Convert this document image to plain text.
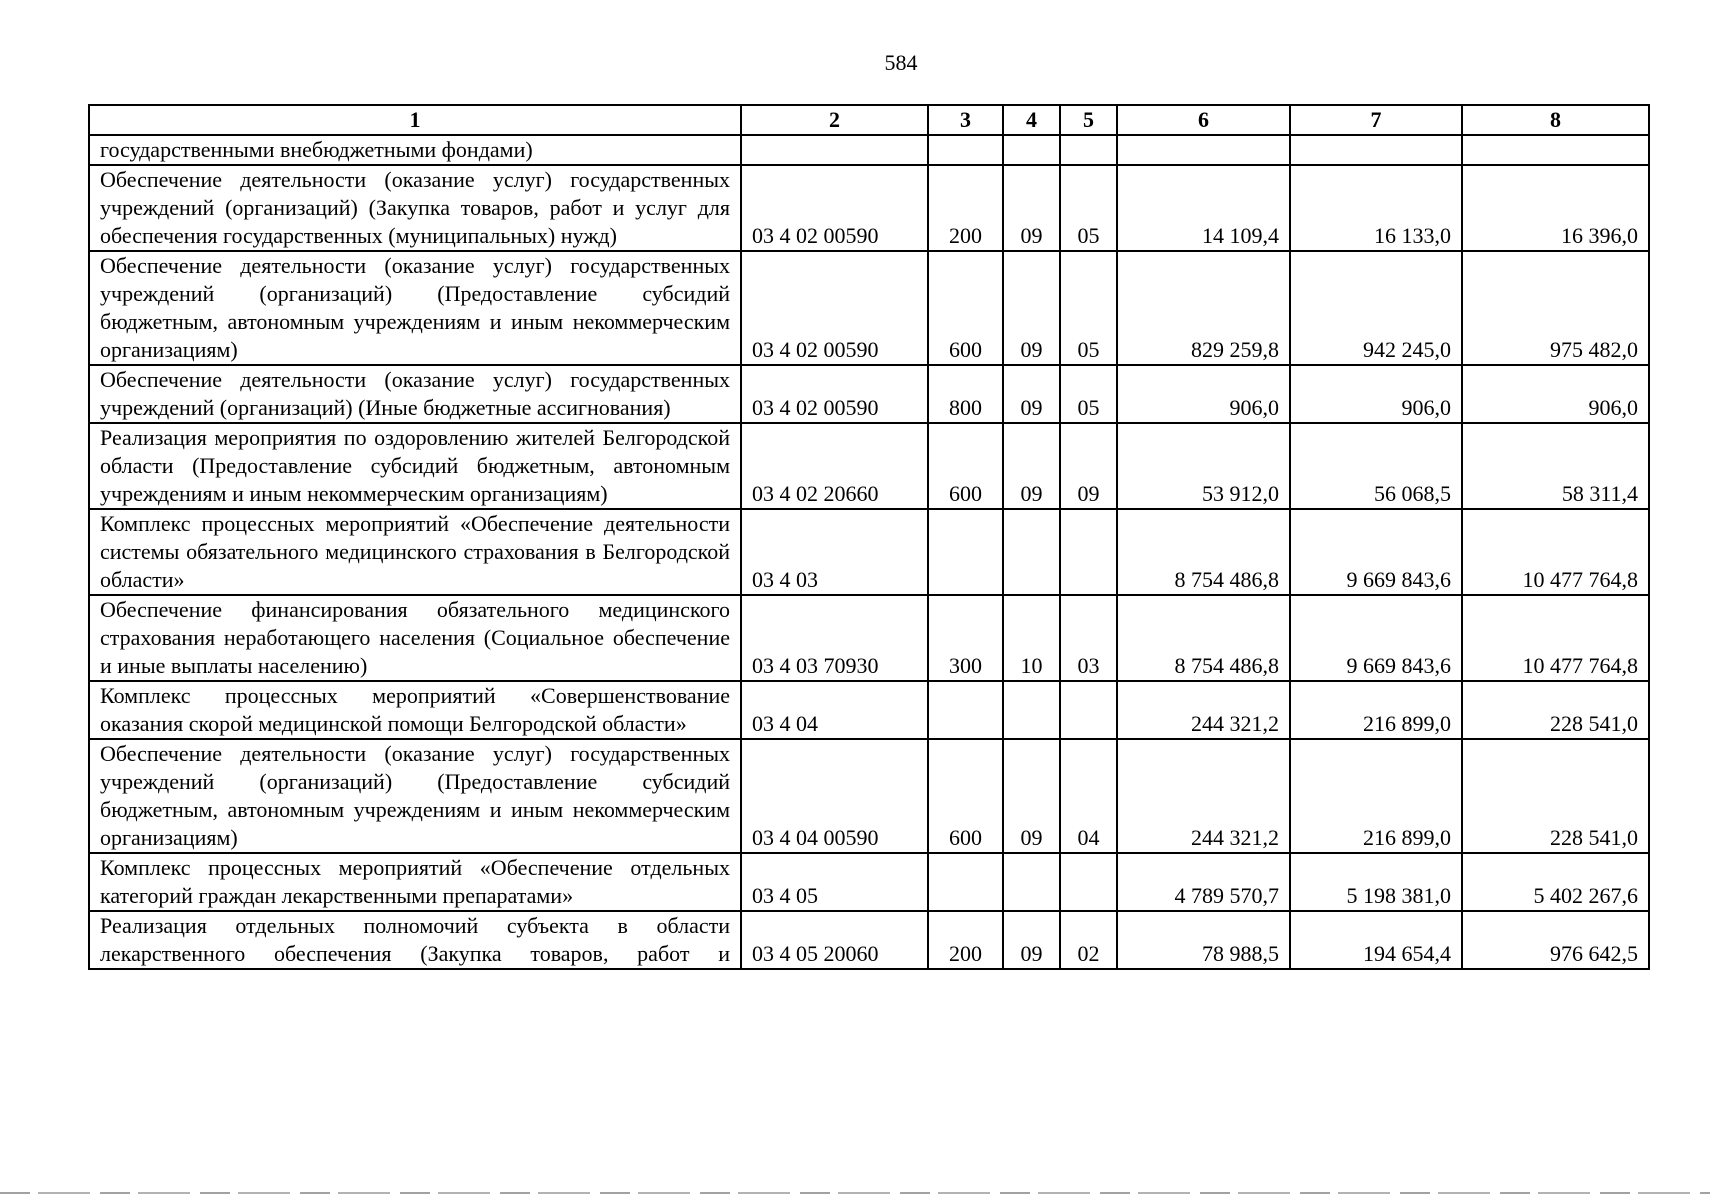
584
1	2	3	4	5	6	7	8
государственными внебюджетными фондами)							
Обеспечение деятельности (оказание услуг) государственных учреждений (организаций) (Закупка товаров, работ и услуг для обеспечения государственных (муниципальных) нужд)	03 4 02 00590	200	09	05	14 109,4	16 133,0	16 396,0
Обеспечение деятельности (оказание услуг) государственных учреждений (организаций) (Предоставление субсидий бюджетным, автономным учреждениям и иным некоммерческим организациям)	03 4 02 00590	600	09	05	829 259,8	942 245,0	975 482,0
Обеспечение деятельности (оказание услуг) государственных учреждений (организаций) (Иные бюджетные ассигнования)	03 4 02 00590	800	09	05	906,0	906,0	906,0
Реализация мероприятия по оздоровлению жителей Белгородской области (Предоставление субсидий бюджетным, автономным учреждениям и иным некоммерческим организациям)	03 4 02 20660	600	09	09	53 912,0	56 068,5	58 311,4
Комплекс процессных мероприятий «Обеспечение деятельности системы обязательного медицинского страхования в Белгородской области»	03 4 03				8 754 486,8	9 669 843,6	10 477 764,8
Обеспечение финансирования обязательного медицинского страхования неработающего населения (Социальное обеспечение и иные выплаты населению)	03 4 03 70930	300	10	03	8 754 486,8	9 669 843,6	10 477 764,8
Комплекс процессных мероприятий «Совершенствование оказания скорой медицинской помощи Белгородской области»	03 4 04				244 321,2	216 899,0	228 541,0
Обеспечение деятельности (оказание услуг) государственных учреждений (организаций) (Предоставление субсидий бюджетным, автономным учреждениям и иным некоммерческим организациям)	03 4 04 00590	600	09	04	244 321,2	216 899,0	228 541,0
Комплекс процессных мероприятий «Обеспечение отдельных категорий граждан лекарственными препаратами»	03 4 05				4 789 570,7	5 198 381,0	5 402 267,6
Реализация отдельных полномочий субъекта в области лекарственного обеспечения (Закупка товаров, работ и	03 4 05 20060	200	09	02	78 988,5	194 654,4	976 642,5
